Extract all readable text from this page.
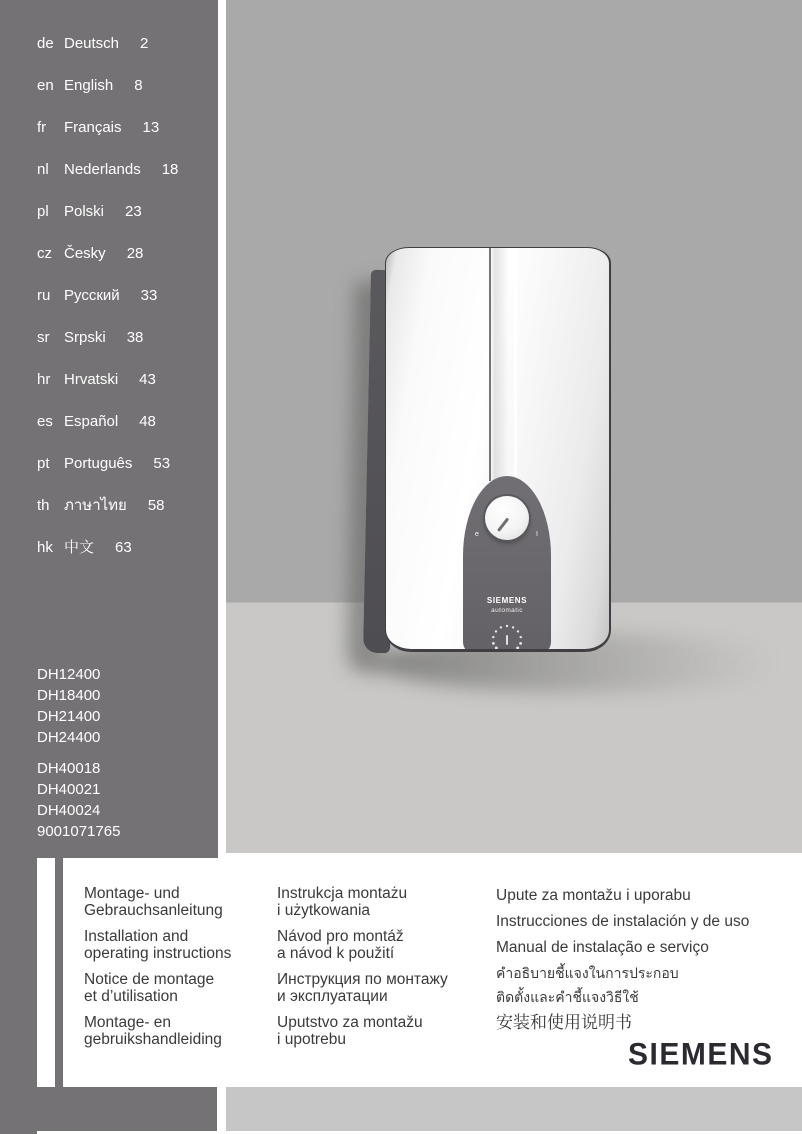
de Deutsch 2
en English 8
fr Français 13
nl Nederlands 18
pl Polski 23
cz Česky 28
ru Русский 33
sr Srpski 38
hr Hrvatski 43
es Español 48
pt Português 53
th ภาษาไทย 58
hk 中文 63
DH12400
DH18400
DH21400
DH24400
DH40018
DH40021
DH40024
9001071765
e	I
SIEMENS
automatic
Montage- und
Gebrauchsanleitung
Installation and
operating instructions
Notice de montage
et d’utilisation
Montage- en
gebruikshandleiding
Instrukcja montażu
i użytkowania
Návod pro montáž
a návod k použití
Инструкция по монтажу
и эксплуатации
Uputstvo za montažu
i upotrebu
Upute za montažu i uporabu
Instrucciones de instalación y de uso
Manual de instalação e serviço
คำอธิบายชี้แจงในการประกอบ
ติดตั้งและคำชี้แจงวิธีใช้
安装和使用说明书
SIEMENS
